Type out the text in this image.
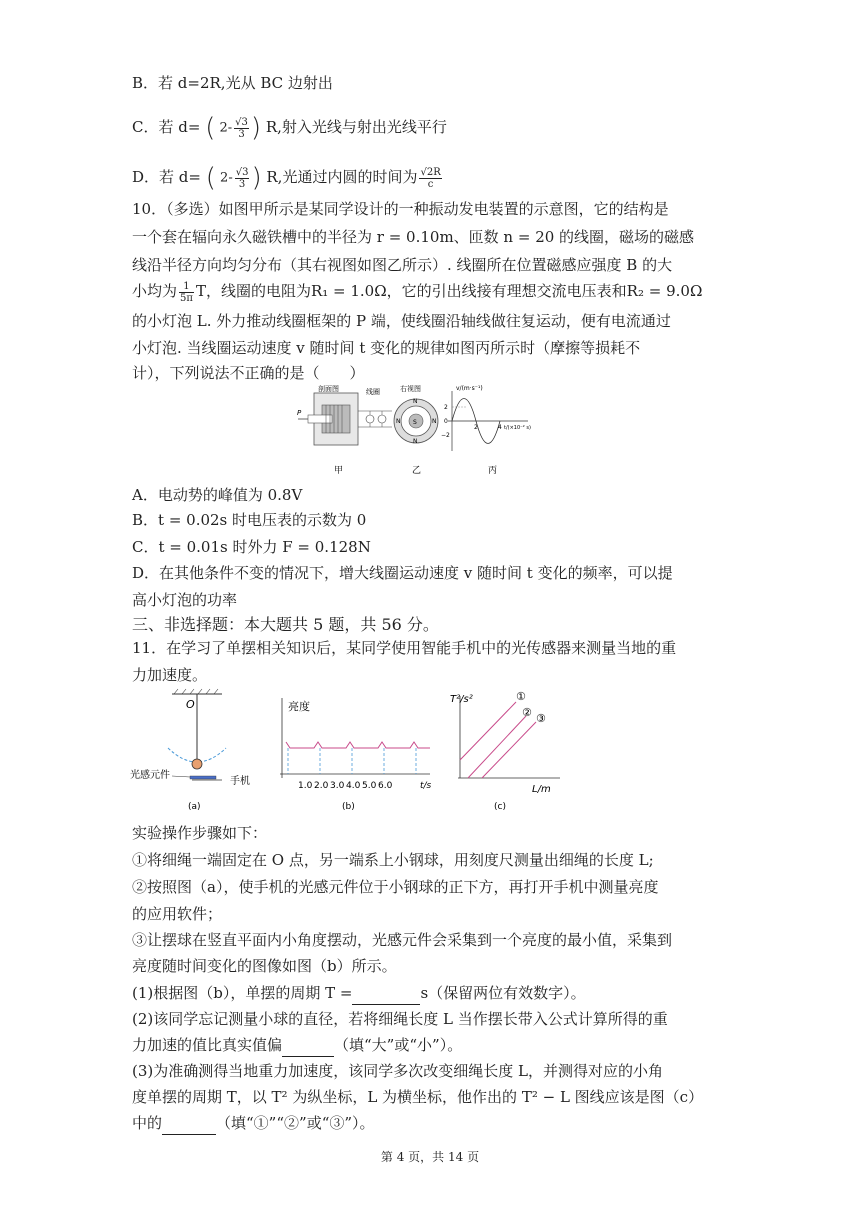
B．若 d=2R,光从 BC 边射出
C．若 d= ( $2- \frac{√3}{3}$ ) R,射入光线与射出光线平行
D．若 d= ( $2- \frac{√3}{3}$ ) R,光通过内圆的时间为 $\frac{√2R}{c}$
10．（多选）如图甲所示是某同学设计的一种振动发电装置的示意图，它的结构是
一个套在辐向永久磁铁槽中的半径为 r = 0.10m、匝数 n = 20 的线圈，磁场的磁感
线沿半径方向均匀分布（其右视图如图乙所示）. 线圈所在位置磁感应强度 B 的大
小均为 $\frac{1}{5\pi}$ T，线圈的电阻为R₁ = 1.0Ω，它的引出线接有理想交流电压表和R₂ = 9.0Ω
的小灯泡 L. 外力推动线圈框架的 P 端，使线圈沿轴线做往复运动，便有电流通过
小灯泡. 当线圈运动速度 v 随时间 t 变化的规律如图丙所示时（摩擦等损耗不
计），下列说法不正确的是（　　）
P
剖面图	线圈
N
N
N	N
S
右视图	v/(m·s⁻¹)
2
0
−2
2	4 t/(×10⁻² s)
甲	乙	丙
A．电动势的峰值为 0.8V
B．t = 0.02s 时电压表的示数为 0
C．t = 0.01s 时外力 F = 0.128N
D．在其他条件不变的情况下，增大线圈运动速度 v 随时间 t 变化的频率，可以提
高小灯泡的功率
三、非选择题：本大题共 5 题，共 56 分。
11．在学习了单摆相关知识后，某同学使用智能手机中的光传感器来测量当地的重
力加速度。
O
光感元件
手机
(a)
亮度
1.0 2.0 3.0 4.0 5.0 6.0	t/s
(b)
T²/s²
L/m
①
② ③
(c)
实验操作步骤如下：
①将细绳一端固定在 O 点，另一端系上小钢球，用刻度尺测量出细绳的长度 L;
②按照图（a），使手机的光感元件位于小钢球的正下方，再打开手机中测量亮度
的应用软件；
③让摆球在竖直平面内小角度摆动，光感元件会采集到一个亮度的最小值，采集到
亮度随时间变化的图像如图（b）所示。
(1)根据图（b），单摆的周期 T =	s（保留两位有效数字）。
(2)该同学忘记测量小球的直径，若将细绳长度 L 当作摆长带入公式计算所得的重
力加速的值比真实值偏	（填“大”或“小”）。
(3)为准确测得当地重力加速度，该同学多次改变细绳长度 L，并测得对应的小角
度单摆的周期 T，以 T² 为纵坐标，L 为横坐标，他作出的 T² − L 图线应该是图（c）
中的	（填“①”“②”或“③”）。
第 4 页，共 14 页
